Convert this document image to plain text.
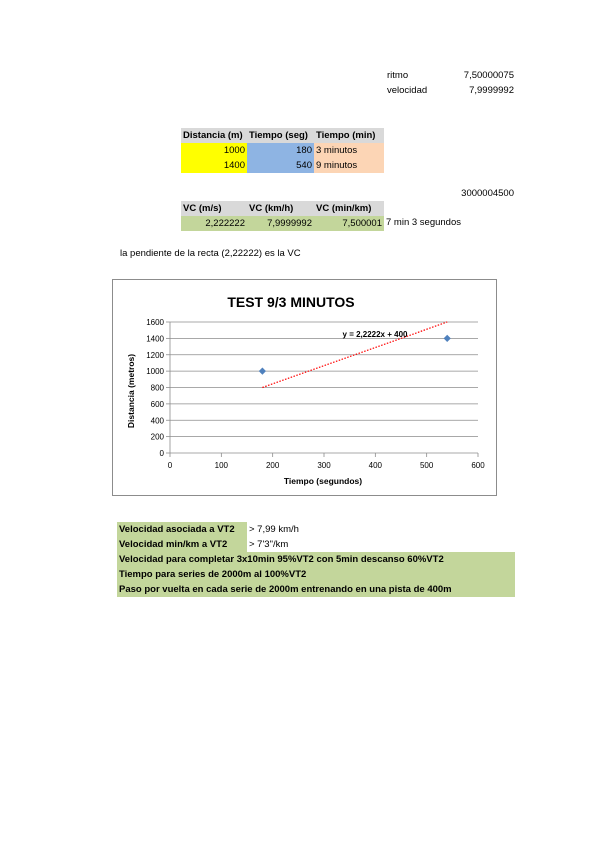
ritmo	7,50000075
velocidad	7,9999992
Distancia (m) Tiempo (seg) Tiempo (min)
1000	180 3 minutos
1400	540 9 minutos
3000004500
VC (m/s)	VC (km/h)	VC (min/km)
2,222222	7,9999992	7,500001 7 min 3 segundos
la pendiente de la recta (2,22222) es la VC
TEST 9/3 MINUTOS
0
200
400
600
800
1000
1200
1400
1600
0	100	200	300	400	500	600
y = 2,2222x + 400
Tiempo (segundos)
Distancia (metros)
Velocidad asociada a VT2	> 7,99 km/h
Velocidad min/km a VT2	> 7'3"/km
Velocidad para completar 3x10min 95%VT2 con 5min descanso 60%VT2
Tiempo para series de 2000m al 100%VT2
Paso por vuelta en cada serie de 2000m entrenando en una pista de 400m
